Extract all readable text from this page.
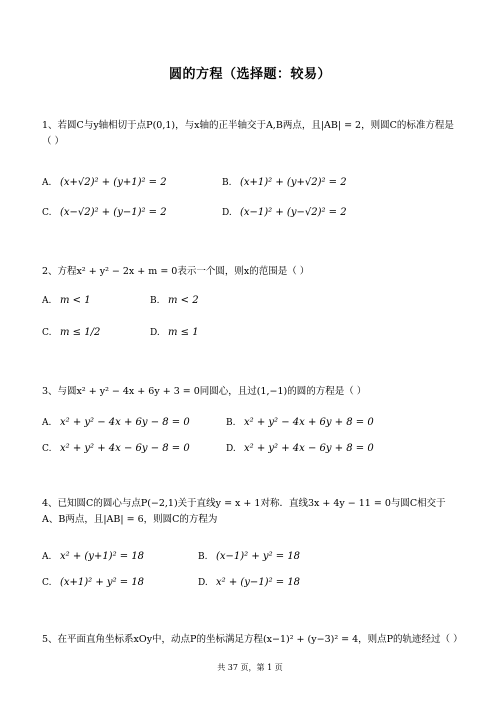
圆的方程（选择题：较易）
1、若圆C与y轴相切于点P(0,1)，与x轴的正半轴交于A,B两点，且|AB| = 2，则圆C的标准方程是（ ）
A. (x+√2)² + (y+1)² = 2	B. (x+1)² + (y+√2)² = 2
C. (x−√2)² + (y−1)² = 2	D. (x−1)² + (y−√2)² = 2
2、方程x² + y² − 2x + m = 0表示一个圆，则x的范围是（ ）
A. m < 1	B. m < 2
C. m ≤ 1/2	D. m ≤ 1
3、与圆x² + y² − 4x + 6y + 3 = 0同圆心，且过(1,−1)的圆的方程是（ ）
A. x² + y² − 4x + 6y − 8 = 0	B. x² + y² − 4x + 6y + 8 = 0
C. x² + y² + 4x − 6y − 8 = 0	D. x² + y² + 4x − 6y + 8 = 0
4、已知圆C的圆心与点P(−2,1)关于直线y = x + 1对称．直线3x + 4y − 11 = 0与圆C相交于A、B两点，且|AB| = 6，则圆C的方程为
A. x² + (y+1)² = 18	B. (x−1)² + y² = 18
C. (x+1)² + y² = 18	D. x² + (y−1)² = 18
5、在平面直角坐标系xOy中，动点P的坐标满足方程(x−1)² + (y−3)² = 4，则点P的轨迹经过（ ）
共 37 页，第 1 页
